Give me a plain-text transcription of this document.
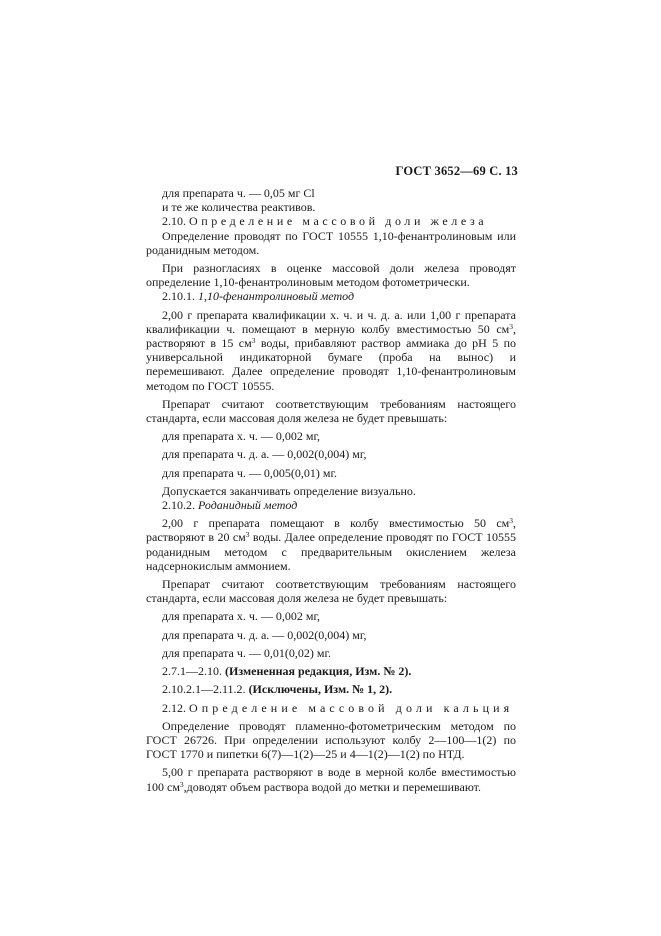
ГОСТ 3652—69 С. 13

для препарата ч. — 0,05 мг Cl

и те же количества реактивов.

2.10. Определение массовой доли железа

Определение проводят по ГОСТ 10555 1,10-фенантролиновым или роданидным методом.

При разногласиях в оценке массовой доли железа проводят определение 1,10-фенантролиновым методом фотометрически.

2.10.1. 1,10-фенантролиновый метод

2,00 г препарата квалификации х. ч. и ч. д. а. или 1,00 г препарата квалификации ч. помещают в мерную колбу вместимостью 50 $см^3$, растворяют в 15 $см^3$ воды, прибавляют раствор аммиака до pH 5 по универсальной индикаторной бумаге (проба на вынос) и перемешивают. Далее определение проводят 1,10-фенантролиновым методом по ГОСТ 10555.

Препарат считают соответствующим требованиям настоящего стандарта, если массовая доля железа не будет превышать:

для препарата х. ч. — 0,002 мг,

для препарата ч. д. а. — 0,002(0,004) мг,

для препарата ч. — 0,005(0,01) мг.

Допускается заканчивать определение визуально.

2.10.2. Роданидный метод

2,00 г препарата помещают в колбу вместимостью 50 $см^3$, растворяют в 20 $см^3$ воды. Далее определение проводят по ГОСТ 10555 роданидным методом с предварительным окислением железа надсернокислым аммонием.

Препарат считают соответствующим требованиям настоящего стандарта, если массовая доля железа не будет превышать:

для препарата х. ч. — 0,002 мг,

для препарата ч. д. а. — 0,002(0,004) мг,

для препарата ч. — 0,01(0,02) мг.

2.7.1—2.10. (Измененная редакция, Изм. № 2).

2.10.2.1—2.11.2. (Исключены, Изм. № 1, 2).

2.12. Определение массовой доли кальция

Определение проводят пламенно-фотометрическим методом по ГОСТ 26726. При определении используют колбу 2—100—1(2) по ГОСТ 1770 и пипетки 6(7)—1(2)—25 и 4—1(2)—1(2) по НТД.

5,00 г препарата растворяют в воде в мерной колбе вместимостью 100 $см^3,доводят$ объем раствора водой до метки и перемешивают.
